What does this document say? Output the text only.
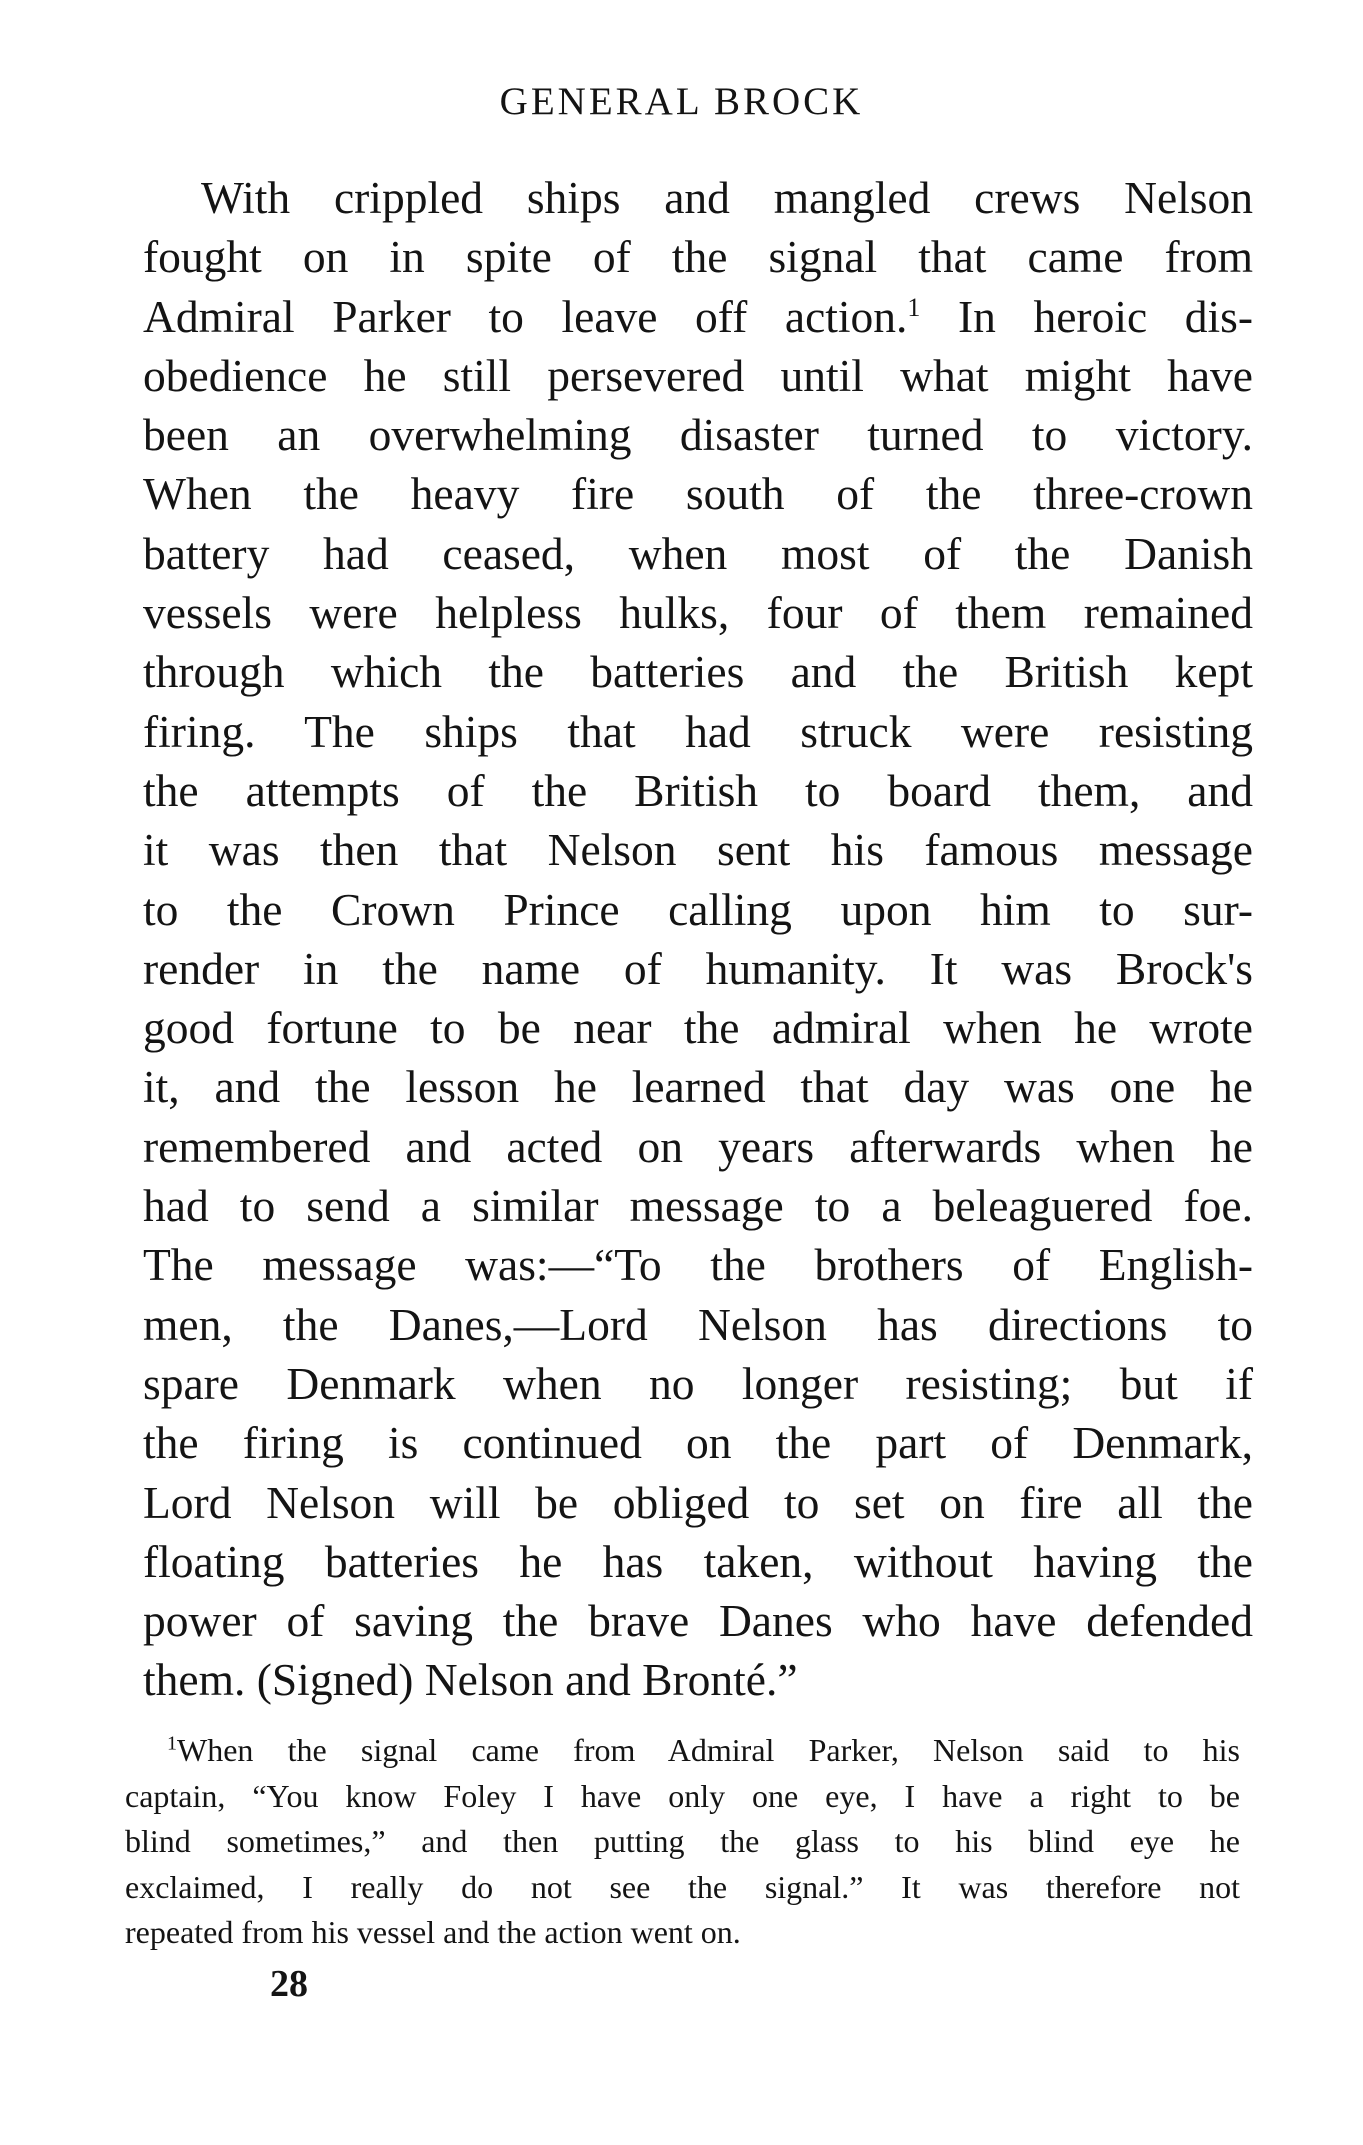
GENERAL BROCK
With crippled ships and mangled crews Nelson
fought on in spite of the signal that came from
Admiral Parker to leave off action.$^1$ In heroic dis-
obedience he still persevered until what might have
been an overwhelming disaster turned to victory.
When the heavy fire south of the three-crown
battery had ceased, when most of the Danish
vessels were helpless hulks, four of them remained
through which the batteries and the British kept
firing. The ships that had struck were resisting
the attempts of the British to board them, and
it was then that Nelson sent his famous message
to the Crown Prince calling upon him to sur-
render in the name of humanity. It was Brock's
good fortune to be near the admiral when he wrote
it, and the lesson he learned that day was one he
remembered and acted on years afterwards when he
had to send a similar message to a beleaguered foe.
The message was:—“To the brothers of English-
men, the Danes,—Lord Nelson has directions to
spare Denmark when no longer resisting; but if
the firing is continued on the part of Denmark,
Lord Nelson will be obliged to set on fire all the
floating batteries he has taken, without having the
power of saving the brave Danes who have defended
them. (Signed) Nelson and Bronté.”
$^1$When the signal came from Admiral Parker, Nelson said to his
captain, “You know Foley I have only one eye, I have a right to be
blind sometimes,” and then putting the glass to his blind eye he
exclaimed, I really do not see the signal.” It was therefore not
repeated from his vessel and the action went on.
28
